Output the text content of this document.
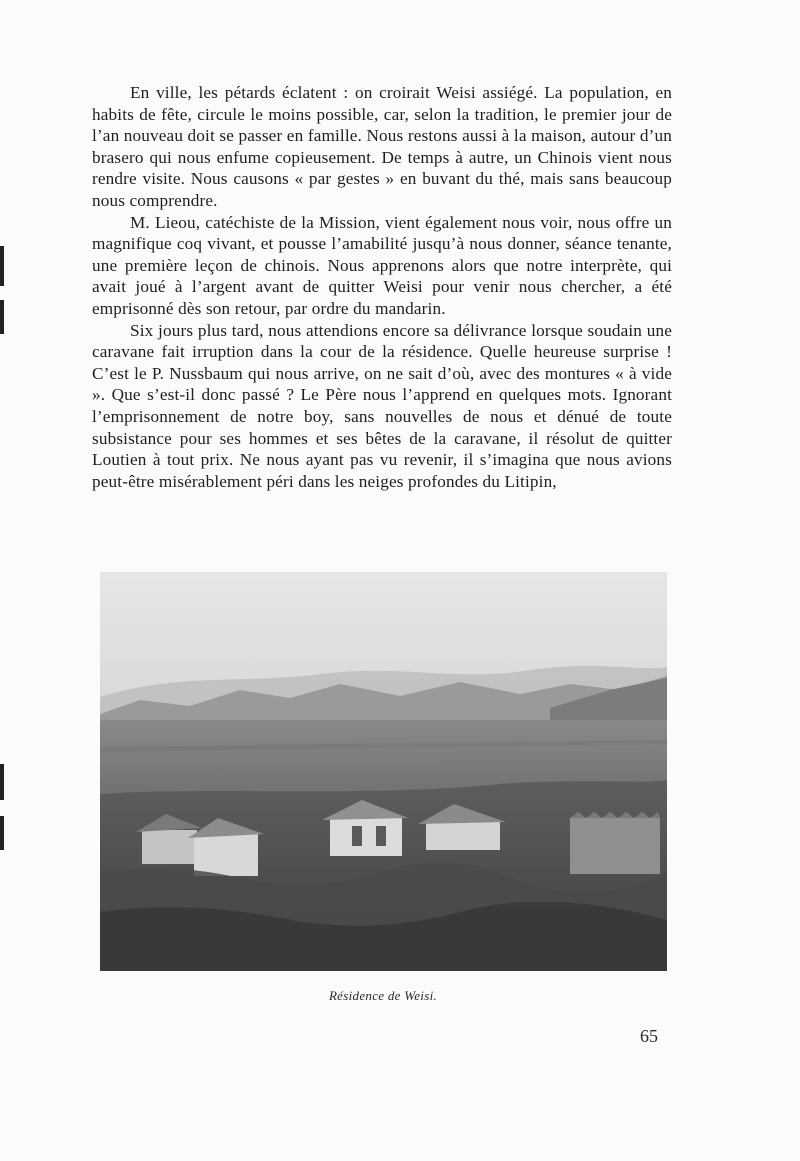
En ville, les pétards éclatent : on croirait Weisi assiégé. La population, en habits de fête, circule le moins possible, car, selon la tradition, le premier jour de l’an nouveau doit se passer en famille. Nous restons aussi à la maison, autour d’un brasero qui nous enfume copieusement. De temps à autre, un Chinois vient nous rendre visite. Nous causons « par gestes » en buvant du thé, mais sans beaucoup nous comprendre.

M. Lieou, catéchiste de la Mission, vient également nous voir, nous offre un magnifique coq vivant, et pousse l’amabilité jusqu’à nous donner, séance tenante, une première leçon de chinois. Nous apprenons alors que notre interprète, qui avait joué à l’argent avant de quitter Weisi pour venir nous chercher, a été emprisonné dès son retour, par ordre du mandarin.

Six jours plus tard, nous attendions encore sa délivrance lorsque soudain une caravane fait irruption dans la cour de la résidence. Quelle heureuse surprise ! C’est le P. Nussbaum qui nous arrive, on ne sait d’où, avec des montures « à vide ». Que s’est-il donc passé ? Le Père nous l’apprend en quelques mots. Ignorant l’emprisonnement de notre boy, sans nouvelles de nous et dénué de toute subsistance pour ses hommes et ses bêtes de la caravane, il résolut de quitter Loutien à tout prix. Ne nous ayant pas vu revenir, il s’imagina que nous avions peut-être misérablement péri dans les neiges profondes du Litipin,

Résidence de Weisi.
65
